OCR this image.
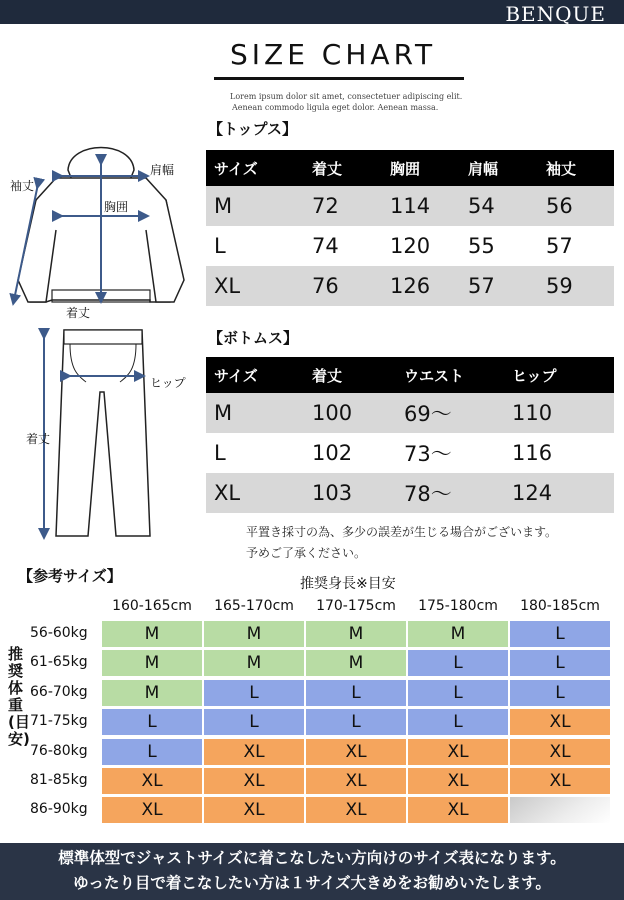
BENQUE
SIZE CHART
Lorem ipsum dolor sit amet, consectetuer adipiscing elit.
Aenean commodo ligula eget dolor. Aenean massa.
袖丈
肩幅
胸囲
着丈
ヒップ
着丈
【トップス】
サイズ	着丈	胸囲	肩幅	袖丈
M	72	114	54	56
L	74	120	55	57
XL	76	126	57	59
【ボトムス】
サイズ	着丈	ウエスト	ヒップ
M	100	69〜	110
L	102	73〜	116
XL	103	78〜	124
平置き採寸の為、多少の誤差が生じる場合がございます。
予めご了承ください。
【参考サイズ】	推奨身長※目安
推奨体重(目安)
160-165cm	165-170cm	170-175cm	175-180cm	180-185cm
56-60kg	M	M	M	M	L
61-65kg	M	M	M	L	L
66-70kg	M	L	L	L	L
71-75kg	L	L	L	L	XL
76-80kg	L	XL	XL	XL	XL
81-85kg	XL	XL	XL	XL	XL
86-90kg	XL	XL	XL	XL
標準体型でジャストサイズに着こなしたい方向けのサイズ表になります。
ゆったり目で着こなしたい方は１サイズ大きめをお勧めいたします。
